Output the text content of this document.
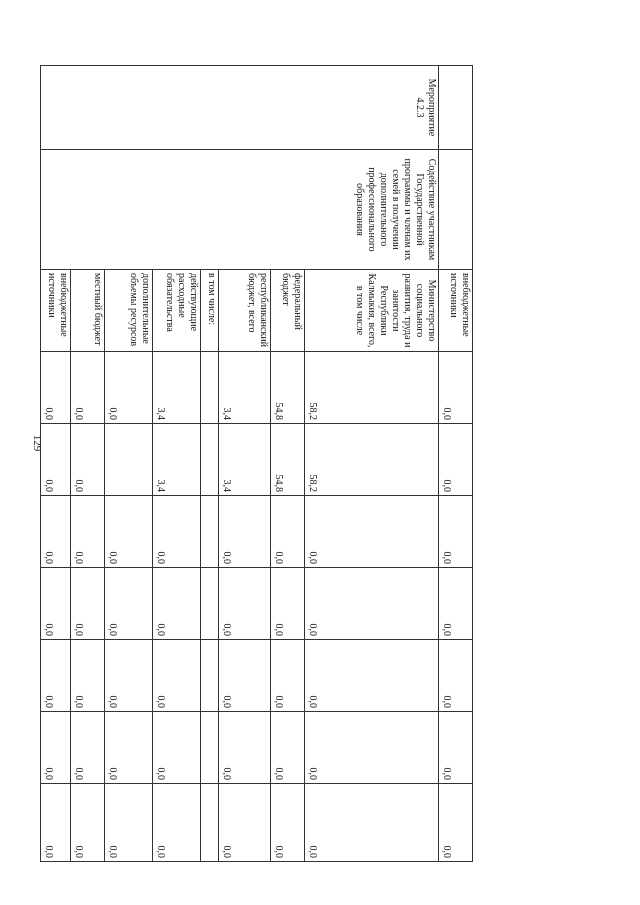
129
		внебюджетные источники	0,0	0,0	0,0	0,0	0,0	0,0	0,0
Мероприятие 4.2.3	Содействие участникам Государственной программы и членам их семей в получении дополнительного профессионального образования	Министерство социального развития, труда и занятости Республики Калмыкия, всего, в том числе	58,2	58,2	0,0	0,0	0,0	0,0	0,0
		федеральный бюджет	54,8	54,8	0,0	0,0	0,0	0,0	0,0
		республиканский бюджет, всего	3,4	3,4	0,0	0,0	0,0	0,0	0,0
		в том числе:							
		действующие расходные обязательства	3,4	3,4	0,0	0,0	0,0	0,0	0,0
		дополнительные объемы ресурсов	0,0		0,0	0,0	0,0	0,0	0,0
		местный бюджет	0,0	0,0	0,0	0,0	0,0	0,0	0,0
		внебюджетные источники	0,0	0,0	0,0	0,0	0,0	0,0	0,0
